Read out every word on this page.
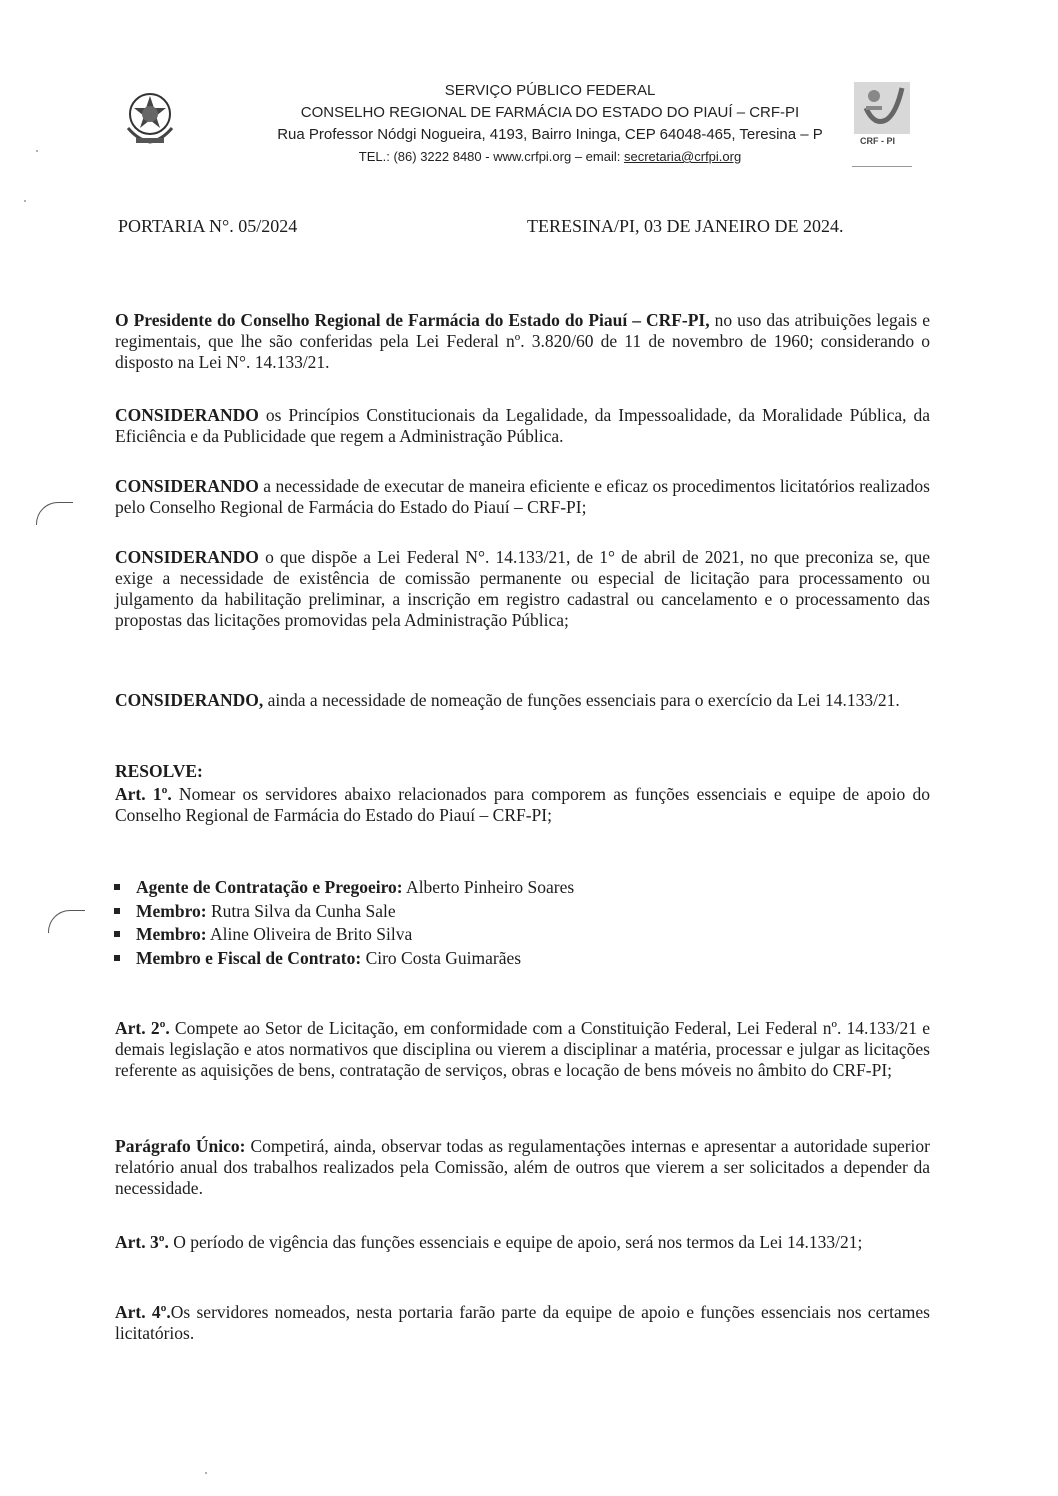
SERVIÇO PÚBLICO FEDERAL
CONSELHO REGIONAL DE FARMÁCIA DO ESTADO DO PIAUÍ – CRF-PI
Rua Professor Nódgi Nogueira, 4193, Bairro Ininga, CEP 64048-465, Teresina – P
TEL.: (86) 3222 8480 - www.crfpi.org – email: secretaria@crfpi.org
CRF - PI
PORTARIA N°. 05/2024	TERESINA/PI, 03 DE JANEIRO DE 2024.
O Presidente do Conselho Regional de Farmácia do Estado do Piauí – CRF-PI, no uso das atribuições legais e regimentais, que lhe são conferidas pela Lei Federal nº. 3.820/60 de 11 de novembro de 1960; considerando o disposto na Lei N°. 14.133/21.
CONSIDERANDO os Princípios Constitucionais da Legalidade, da Impessoalidade, da Moralidade Pública, da Eficiência e da Publicidade que regem a Administração Pública.
CONSIDERANDO a necessidade de executar de maneira eficiente e eficaz os procedimentos licitatórios realizados pelo Conselho Regional de Farmácia do Estado do Piauí – CRF-PI;
CONSIDERANDO o que dispõe a Lei Federal N°. 14.133/21, de 1° de abril de 2021, no que preconiza se, que exige a necessidade de existência de comissão permanente ou especial de licitação para processamento ou julgamento da habilitação preliminar, a inscrição em registro cadastral ou cancelamento e o processamento das propostas das licitações promovidas pela Administração Pública;
CONSIDERANDO, ainda a necessidade de nomeação de funções essenciais para o exercício da Lei 14.133/21.
RESOLVE:
Art. 1º. Nomear os servidores abaixo relacionados para comporem as funções essenciais e equipe de apoio do Conselho Regional de Farmácia do Estado do Piauí – CRF-PI;
Agente de Contratação e Pregoeiro: Alberto Pinheiro Soares
Membro: Rutra Silva da Cunha Sale
Membro: Aline Oliveira de Brito Silva
Membro e Fiscal de Contrato: Ciro Costa Guimarães
Art. 2º. Compete ao Setor de Licitação, em conformidade com a Constituição Federal, Lei Federal nº. 14.133/21 e demais legislação e atos normativos que disciplina ou vierem a disciplinar a matéria, processar e julgar as licitações referente as aquisições de bens, contratação de serviços, obras e locação de bens móveis no âmbito do CRF-PI;
Parágrafo Único: Competirá, ainda, observar todas as regulamentações internas e apresentar a autoridade superior relatório anual dos trabalhos realizados pela Comissão, além de outros que vierem a ser solicitados a depender da necessidade.
Art. 3º. O período de vigência das funções essenciais e equipe de apoio, será nos termos da Lei 14.133/21;
Art. 4º.Os servidores nomeados, nesta portaria farão parte da equipe de apoio e funções essenciais nos certames licitatórios.
